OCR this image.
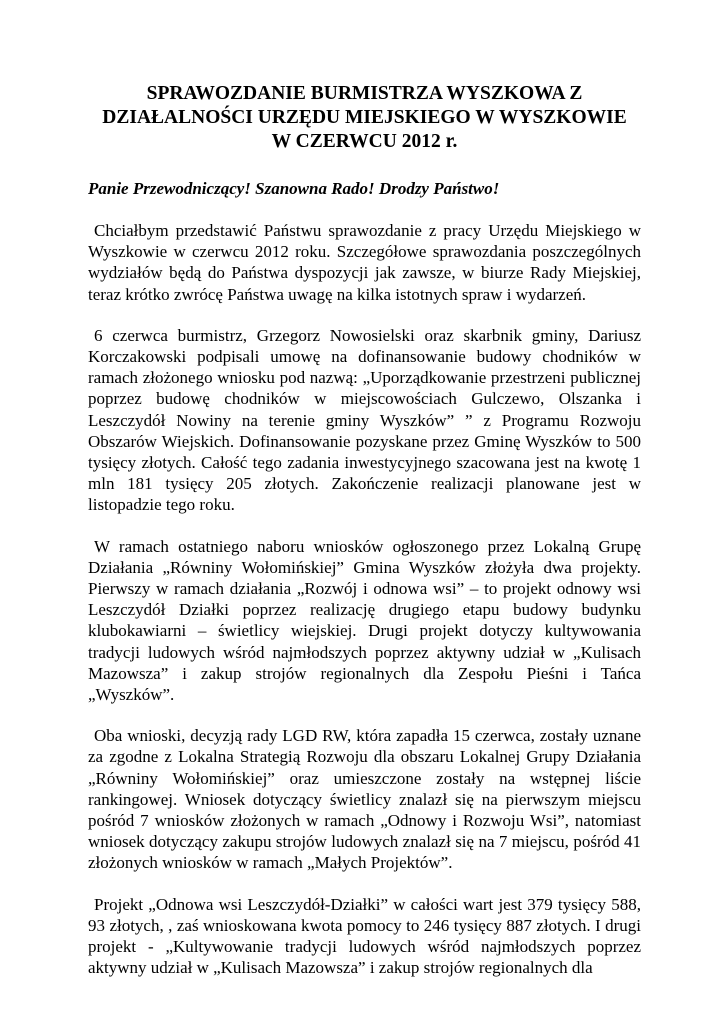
SPRAWOZDANIE BURMISTRZA WYSZKOWA Z
DZIAŁALNOŚCI URZĘDU MIEJSKIEGO W WYSZKOWIE
W CZERWCU 2012 r.

Panie Przewodniczący! Szanowna Rado! Drodzy Państwo!

Chciałbym przedstawić Państwu sprawozdanie z pracy Urzędu Miejskiego w Wyszkowie w czerwcu 2012 roku. Szczegółowe sprawozdania poszczególnych wydziałów będą do Państwa dyspozycji jak zawsze, w biurze Rady Miejskiej, teraz krótko zwrócę Państwa uwagę na kilka istotnych spraw i wydarzeń.

6 czerwca burmistrz, Grzegorz Nowosielski oraz skarbnik gminy, Dariusz Korczakowski podpisali umowę na dofinansowanie budowy chodników w ramach złożonego wniosku pod nazwą: „Uporządkowanie przestrzeni publicznej poprzez budowę chodników w miejscowościach Gulczewo, Olszanka i Leszczydół Nowiny na terenie gminy Wyszków” ” z Programu Rozwoju Obszarów Wiejskich. Dofinansowanie pozyskane przez Gminę Wyszków to 500 tysięcy złotych. Całość tego zadania inwestycyjnego szacowana jest na kwotę 1 mln 181 tysięcy 205 złotych. Zakończenie realizacji planowane jest w listopadzie tego roku.

W ramach ostatniego naboru wniosków ogłoszonego przez Lokalną Grupę Działania „Równiny Wołomińskiej” Gmina Wyszków złożyła dwa projekty. Pierwszy w ramach działania „Rozwój i odnowa wsi” – to projekt odnowy wsi Leszczydół Działki poprzez realizację drugiego etapu budowy budynku klubokawiarni – świetlicy wiejskiej. Drugi projekt dotyczy kultywowania tradycji ludowych wśród najmłodszych poprzez aktywny udział w „Kulisach Mazowsza” i zakup strojów regionalnych dla Zespołu Pieśni i Tańca „Wyszków”.

Oba wnioski, decyzją rady LGD RW, która zapadła 15 czerwca, zostały uznane za zgodne z Lokalna Strategią Rozwoju dla obszaru Lokalnej Grupy Działania „Równiny Wołomińskiej” oraz umieszczone zostały na wstępnej liście rankingowej. Wniosek dotyczący świetlicy znalazł się na pierwszym miejscu pośród 7 wniosków złożonych w ramach „Odnowy i Rozwoju Wsi”, natomiast wniosek dotyczący zakupu strojów ludowych znalazł się na 7 miejscu, pośród 41 złożonych wniosków w ramach „Małych Projektów”.

Projekt „Odnowa wsi Leszczydół-Działki” w całości wart jest 379 tysięcy 588, 93 złotych, , zaś wnioskowana kwota pomocy to 246 tysięcy 887 złotych. I drugi projekt - „Kultywowanie tradycji ludowych wśród najmłodszych poprzez aktywny udział w „Kulisach Mazowsza” i zakup strojów regionalnych dla
